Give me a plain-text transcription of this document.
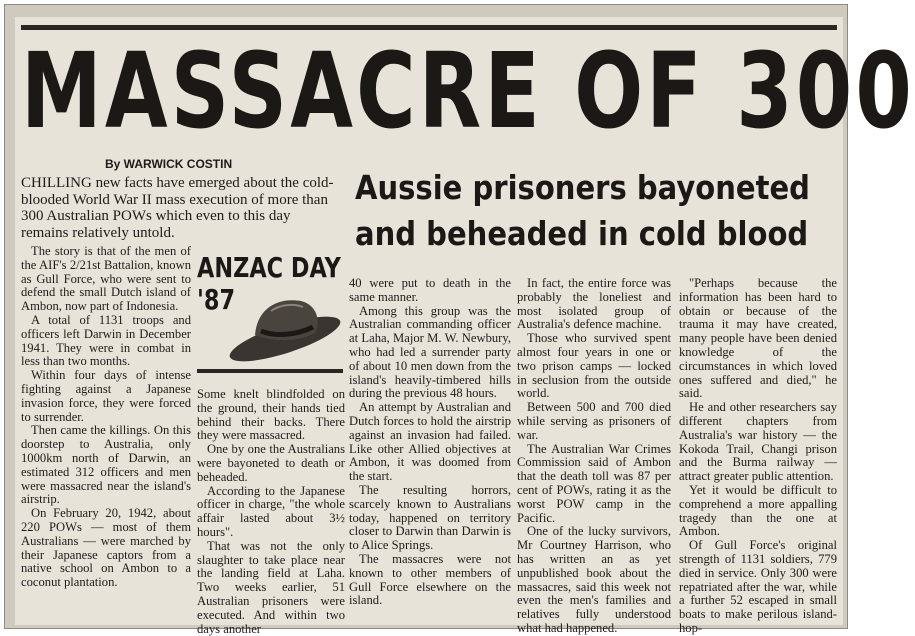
MASSACRE OF 300
By WARWICK COSTIN
CHILLING new facts have emerged about the cold-blooded World War II mass execution of more than 300 Australian POWs which even to this day remains relatively untold.
Aussie prisoners bayoneted
and beheaded in cold blood

The story is that of the men of the AIF's 2/21st Battalion, known as Gull Force, who were sent to defend the small Dutch island of Ambon, now part of Indonesia.

A total of 1131 troops and officers left Darwin in December 1941. They were in combat in less than two months.

Within four days of intense fighting against a Japanese invasion force, they were forced to surrender.

Then came the killings. On this doorstep to Australia, only 1000km north of Darwin, an estimated 312 officers and men were massacred near the island's airstrip.

On February 20, 1942, about 220 POWs — most of them Australians — were marched by their Japanese captors from a native school on Ambon to a coconut plantation.

ANZAC DAY
'87

Some knelt blindfolded on the ground, their hands tied behind their backs. There they were massacred.

One by one the Australians were bayoneted to death or beheaded.

According to the Japanese officer in charge, "the whole affair lasted about 3½ hours".

That was not the only slaughter to take place near the landing field at Laha. Two weeks earlier, 51 Australian prisoners were executed. And within two days another

40 were put to death in the same manner.

Among this group was the Australian commanding officer at Laha, Major M. W. Newbury, who had led a surrender party of about 10 men down from the island's heavily-timbered hills during the previous 48 hours.

An attempt by Australian and Dutch forces to hold the airstrip against an invasion had failed. Like other Allied objectives at Ambon, it was doomed from the start.

The resulting horrors, scarcely known to Australians today, happened on territory closer to Darwin than Darwin is to Alice Springs.

The massacres were not known to other members of Gull Force elsewhere on the island.

In fact, the entire force was probably the loneliest and most isolated group of Australia's defence machine.

Those who survived spent almost four years in one or two prison camps — locked in seclusion from the outside world.

Between 500 and 700 died while serving as prisoners of war.

The Australian War Crimes Commission said of Ambon that the death toll was 87 per cent of POWs, rating it as the worst POW camp in the Pacific.

One of the lucky survivors, Mr Courtney Harrison, who has written an as yet unpublished book about the massacres, said this week not even the men's families and relatives fully understood what had happened.

"Perhaps because the information has been hard to obtain or because of the trauma it may have created, many people have been denied knowledge of the circumstances in which loved ones suffered and died," he said.

He and other researchers say different chapters from Australia's war history — the Kokoda Trail, Changi prison and the Burma railway — attract greater public attention.

Yet it would be difficult to comprehend a more appalling tragedy than the one at Ambon.

Of Gull Force's original strength of 1131 soldiers, 779 died in service. Only 300 were repatriated after the war, while a further 52 escaped in small boats to make perilous island-hop-
